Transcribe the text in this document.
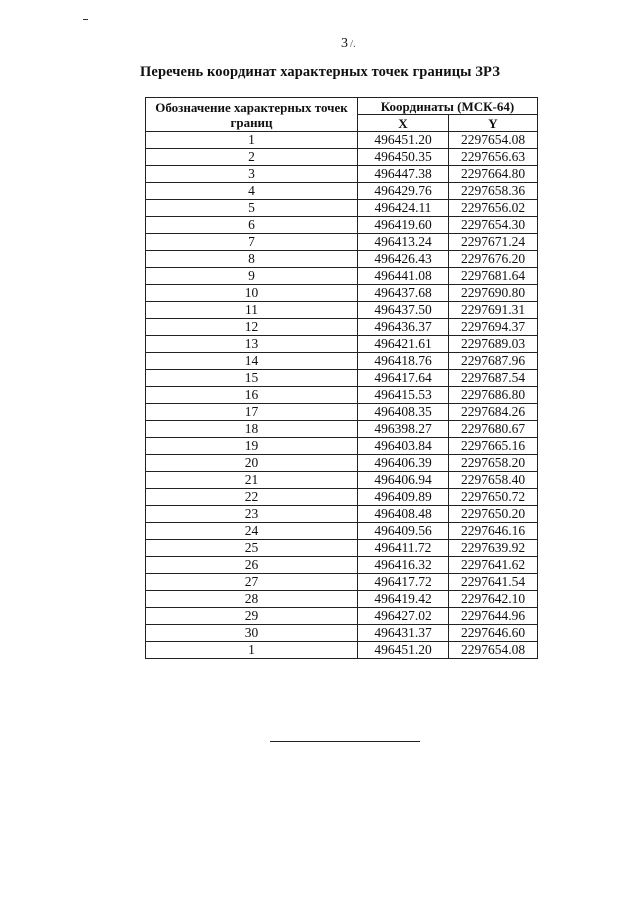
3 /.
Перечень координат характерных точек границы ЗРЗ
Обозначение характерных точек границ	Координаты (МСК-64)	
	X	Y
1	496451.20	2297654.08
2	496450.35	2297656.63
3	496447.38	2297664.80
4	496429.76	2297658.36
5	496424.11	2297656.02
6	496419.60	2297654.30
7	496413.24	2297671.24
8	496426.43	2297676.20
9	496441.08	2297681.64
10	496437.68	2297690.80
11	496437.50	2297691.31
12	496436.37	2297694.37
13	496421.61	2297689.03
14	496418.76	2297687.96
15	496417.64	2297687.54
16	496415.53	2297686.80
17	496408.35	2297684.26
18	496398.27	2297680.67
19	496403.84	2297665.16
20	496406.39	2297658.20
21	496406.94	2297658.40
22	496409.89	2297650.72
23	496408.48	2297650.20
24	496409.56	2297646.16
25	496411.72	2297639.92
26	496416.32	2297641.62
27	496417.72	2297641.54
28	496419.42	2297642.10
29	496427.02	2297644.96
30	496431.37	2297646.60
1	496451.20	2297654.08
